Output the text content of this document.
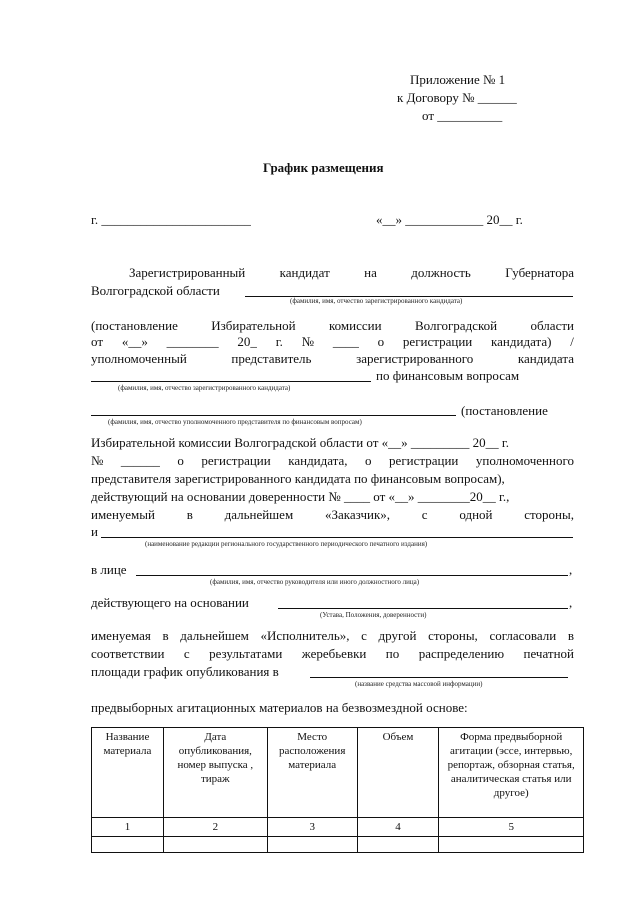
Приложение № 1
к Договору № ______
от __________
График размещения
г. _______________________	«__» ____________ 20__ г.
Зарегистрированный	кандидат	на	должность	Губернатора
Волгоградской области
(фамилия, имя, отчество зарегистрированного кандидата)
(постановление	Избирательной	комиссии	Волгоградской	области
от «__» ________ 20_ г. № ____ о регистрации кандидата) /
уполномоченный	представитель	зарегистрированного	кандидата
по финансовым вопросам
(фамилия, имя, отчество зарегистрированного кандидата)
(постановление
(фамилия, имя, отчество уполномоченного представителя по финансовым вопросам)
Избирательной комиссии Волгоградской области от «__» _________ 20__ г.
№ ______ о регистрации кандидата, о регистрации уполномоченного
представителя зарегистрированного кандидата по финансовым вопросам),
действующий на основании доверенности № ____ от «__» ________20__ г.,
именуемый в дальнейшем «Заказчик», с одной стороны,
и
(наименование редакции регионального государственного периодического печатного издания)
в лице	,
(фамилия, имя, отчество руководителя или иного должностного лица)
действующего на основании	,
(Устава, Положения, доверенности)
именуемая в дальнейшем «Исполнитель», с другой стороны, согласовали в
соответствии с результатами жеребьевки по распределению печатной
площади график опубликования в
(название средства массовой информации)
предвыборных агитационных материалов на безвозмездной основе:
Название материала	Дата опубликования, номер выпуска , тираж	Место расположения материала	Объем	Форма предвыборной агитации (эссе, интервью, репортаж, обзорная статья, аналитическая статья или другое)
1	2	3	4	5
